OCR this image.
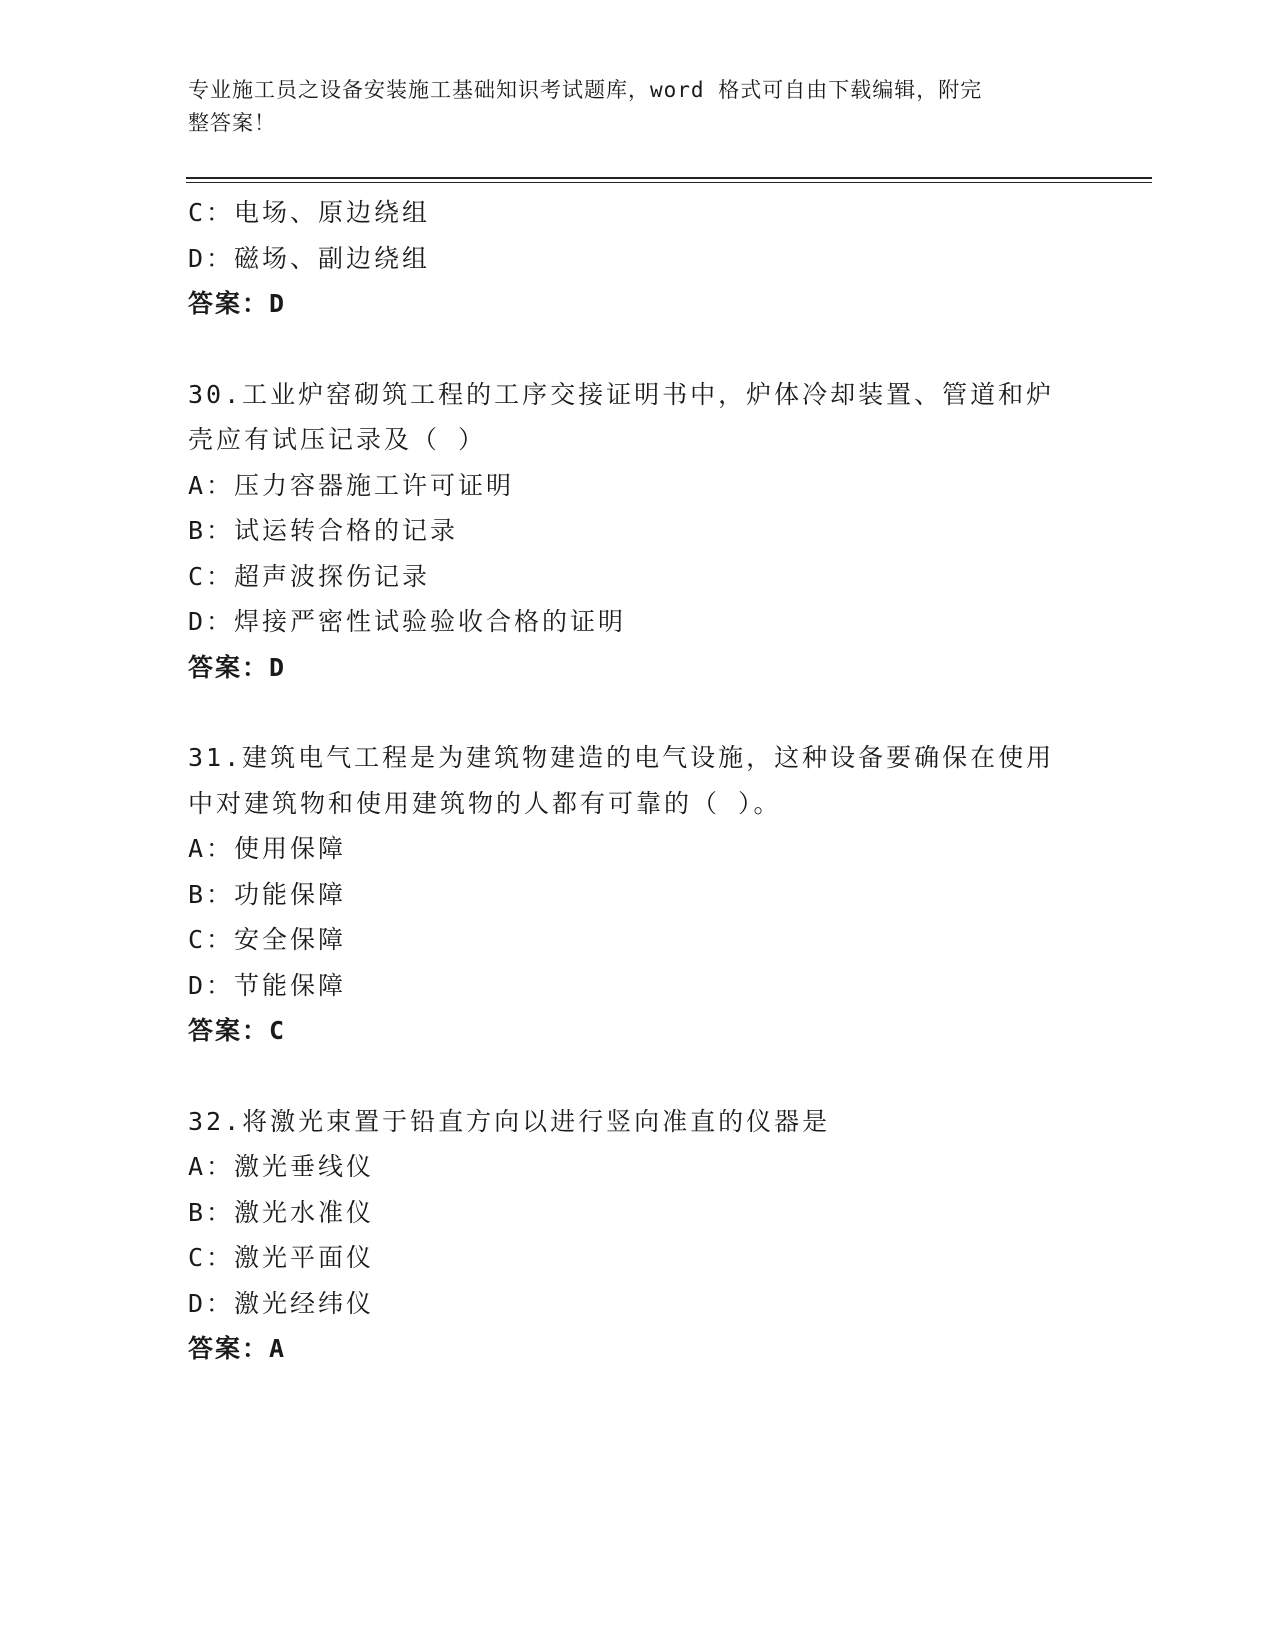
专业施工员之设备安装施工基础知识考试题库，word 格式可自由下载编辑，附完
整答案！
C：电场、原边绕组
D：磁场、副边绕组
答案：D
30.工业炉窑砌筑工程的工序交接证明书中，炉体冷却装置、管道和炉
壳应有试压记录及（ ）
A：压力容器施工许可证明
B：试运转合格的记录
C：超声波探伤记录
D：焊接严密性试验验收合格的证明
答案：D
31.建筑电气工程是为建筑物建造的电气设施，这种设备要确保在使用
中对建筑物和使用建筑物的人都有可靠的（ ）。
A：使用保障
B：功能保障
C：安全保障
D：节能保障
答案：C
32.将激光束置于铅直方向以进行竖向准直的仪器是
A：激光垂线仪
B：激光水准仪
C：激光平面仪
D：激光经纬仪
答案：A
